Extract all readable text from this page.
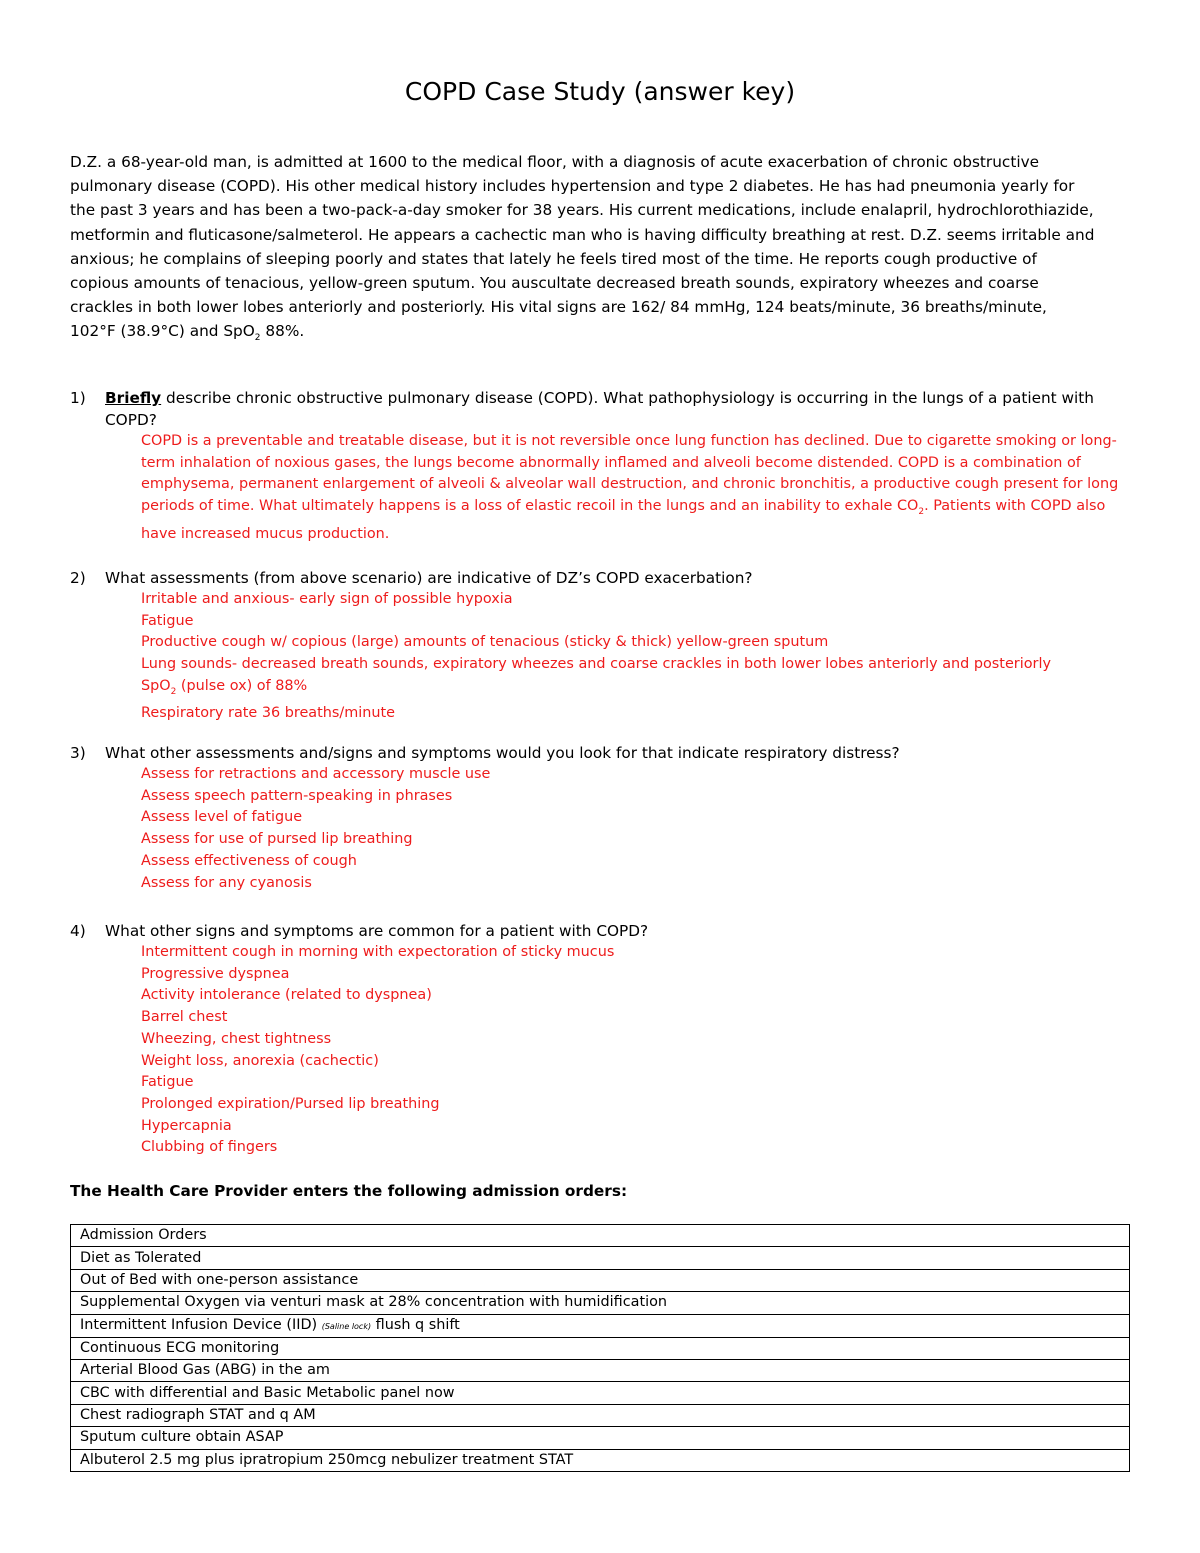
COPD Case Study (answer key)
D.Z. a 68-year-old man, is admitted at 1600 to the medical floor, with a diagnosis of acute exacerbation of chronic obstructive
pulmonary disease (COPD). His other medical history includes hypertension and type 2 diabetes. He has had pneumonia yearly for
the past 3 years and has been a two-pack-a-day smoker for 38 years. His current medications, include enalapril, hydrochlorothiazide,
metformin and fluticasone/salmeterol. He appears a cachectic man who is having difficulty breathing at rest. D.Z. seems irritable and
anxious; he complains of sleeping poorly and states that lately he feels tired most of the time. He reports cough productive of
copious amounts of tenacious, yellow-green sputum. You auscultate decreased breath sounds, expiratory wheezes and coarse
crackles in both lower lobes anteriorly and posteriorly. His vital signs are 162/ 84 mmHg, 124 beats/minute, 36 breaths/minute,
102°F (38.9°C) and SpO$_2$ 88%.
1)	Briefly describe chronic obstructive pulmonary disease (COPD). What pathophysiology is occurring in the lungs of a patient with
COPD?
COPD is a preventable and treatable disease, but it is not reversible once lung function has declined. Due to cigarette smoking or long-
term inhalation of noxious gases, the lungs become abnormally inflamed and alveoli become distended. COPD is a combination of
emphysema, permanent enlargement of alveoli & alveolar wall destruction, and chronic bronchitis, a productive cough present for long
periods of time. What ultimately happens is a loss of elastic recoil in the lungs and an inability to exhale $CO_2$. Patients with COPD also
have increased mucus production.
2)	What assessments (from above scenario) are indicative of DZ’s COPD exacerbation?
Irritable and anxious- early sign of possible hypoxia
Fatigue
Productive cough w/ copious (large) amounts of tenacious (sticky & thick) yellow-green sputum
Lung sounds- decreased breath sounds, expiratory wheezes and coarse crackles in both lower lobes anteriorly and posteriorly
SpO$_2$ (pulse ox) of 88%
Respiratory rate 36 breaths/minute
3)	What other assessments and/signs and symptoms would you look for that indicate respiratory distress?
Assess for retractions and accessory muscle use
Assess speech pattern-speaking in phrases
Assess level of fatigue
Assess for use of pursed lip breathing
Assess effectiveness of cough
Assess for any cyanosis
4)	What other signs and symptoms are common for a patient with COPD?
Intermittent cough in morning with expectoration of sticky mucus
Progressive dyspnea
Activity intolerance (related to dyspnea)
Barrel chest
Wheezing, chest tightness
Weight loss, anorexia (cachectic)
Fatigue
Prolonged expiration/Pursed lip breathing
Hypercapnia
Clubbing of fingers
The Health Care Provider enters the following admission orders:
Admission Orders
Diet as Tolerated
Out of Bed with one-person assistance
Supplemental Oxygen via venturi mask at 28% concentration with humidification
Intermittent Infusion Device (IID) (Saline lock) flush q shift
Continuous ECG monitoring
Arterial Blood Gas (ABG) in the am
CBC with differential and Basic Metabolic panel now
Chest radiograph STAT and q AM
Sputum culture obtain ASAP
Albuterol 2.5 mg plus ipratropium 250mcg nebulizer treatment STAT
